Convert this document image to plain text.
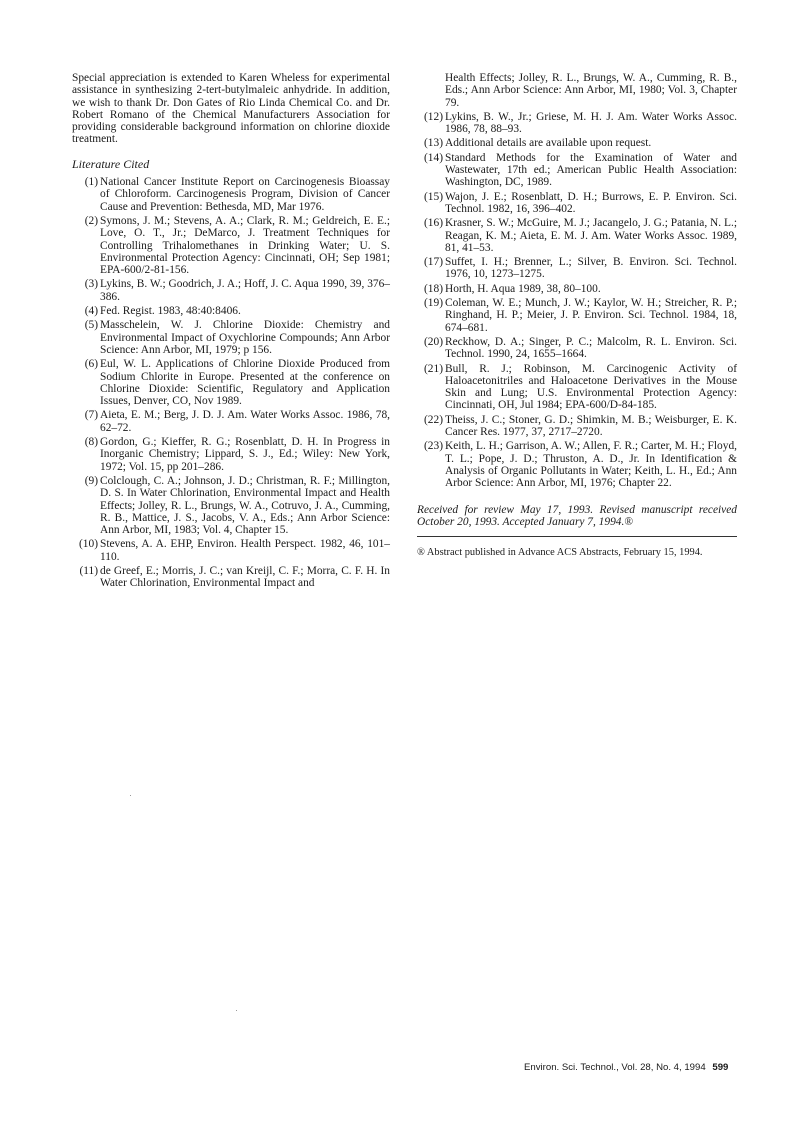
Special appreciation is extended to Karen Wheless for experimental assistance in synthesizing 2-tert-butylmaleic anhydride. In addition, we wish to thank Dr. Don Gates of Rio Linda Chemical Co. and Dr. Robert Romano of the Chemical Manufacturers Association for providing considerable background information on chlorine dioxide treatment.

Literature Cited
(1) National Cancer Institute Report on Carcinogenesis Bioassay of Chloroform. Carcinogenesis Program, Division of Cancer Cause and Prevention: Bethesda, MD, Mar 1976.
(2) Symons, J. M.; Stevens, A. A.; Clark, R. M.; Geldreich, E. E.; Love, O. T., Jr.; DeMarco, J. Treatment Techniques for Controlling Trihalomethanes in Drinking Water; U. S. Environmental Protection Agency: Cincinnati, OH; Sep 1981; EPA-600/2-81-156.
(3) Lykins, B. W.; Goodrich, J. A.; Hoff, J. C. Aqua 1990, 39, 376–386.
(4) Fed. Regist. 1983, 48:40:8406.
(5) Masschelein, W. J. Chlorine Dioxide: Chemistry and Environmental Impact of Oxychlorine Compounds; Ann Arbor Science: Ann Arbor, MI, 1979; p 156.
(6) Eul, W. L. Applications of Chlorine Dioxide Produced from Sodium Chlorite in Europe. Presented at the conference on Chlorine Dioxide: Scientific, Regulatory and Application Issues, Denver, CO, Nov 1989.
(7) Aieta, E. M.; Berg, J. D. J. Am. Water Works Assoc. 1986, 78, 62–72.
(8) Gordon, G.; Kieffer, R. G.; Rosenblatt, D. H. In Progress in Inorganic Chemistry; Lippard, S. J., Ed.; Wiley: New York, 1972; Vol. 15, pp 201–286.
(9) Colclough, C. A.; Johnson, J. D.; Christman, R. F.; Millington, D. S. In Water Chlorination, Environmental Impact and Health Effects; Jolley, R. L., Brungs, W. A., Cotruvo, J. A., Cumming, R. B., Mattice, J. S., Jacobs, V. A., Eds.; Ann Arbor Science: Ann Arbor, MI, 1983; Vol. 4, Chapter 15.
(10) Stevens, A. A. EHP, Environ. Health Perspect. 1982, 46, 101–110.
(11) de Greef, E.; Morris, J. C.; van Kreijl, C. F.; Morra, C. F. H. In Water Chlorination, Environmental Impact and
Health Effects; Jolley, R. L., Brungs, W. A., Cumming, R. B., Eds.; Ann Arbor Science: Ann Arbor, MI, 1980; Vol. 3, Chapter 79.
(12) Lykins, B. W., Jr.; Griese, M. H. J. Am. Water Works Assoc. 1986, 78, 88–93.
(13) Additional details are available upon request.
(14) Standard Methods for the Examination of Water and Wastewater, 17th ed.; American Public Health Association: Washington, DC, 1989.
(15) Wajon, J. E.; Rosenblatt, D. H.; Burrows, E. P. Environ. Sci. Technol. 1982, 16, 396–402.
(16) Krasner, S. W.; McGuire, M. J.; Jacangelo, J. G.; Patania, N. L.; Reagan, K. M.; Aieta, E. M. J. Am. Water Works Assoc. 1989, 81, 41–53.
(17) Suffet, I. H.; Brenner, L.; Silver, B. Environ. Sci. Technol. 1976, 10, 1273–1275.
(18) Horth, H. Aqua 1989, 38, 80–100.
(19) Coleman, W. E.; Munch, J. W.; Kaylor, W. H.; Streicher, R. P.; Ringhand, H. P.; Meier, J. P. Environ. Sci. Technol. 1984, 18, 674–681.
(20) Reckhow, D. A.; Singer, P. C.; Malcolm, R. L. Environ. Sci. Technol. 1990, 24, 1655–1664.
(21) Bull, R. J.; Robinson, M. Carcinogenic Activity of Haloacetonitriles and Haloacetone Derivatives in the Mouse Skin and Lung; U.S. Environmental Protection Agency: Cincinnati, OH, Jul 1984; EPA-600/D-84-185.
(22) Theiss, J. C.; Stoner, G. D.; Shimkin, M. B.; Weisburger, E. K. Cancer Res. 1977, 37, 2717–2720.
(23) Keith, L. H.; Garrison, A. W.; Allen, F. R.; Carter, M. H.; Floyd, T. L.; Pope, J. D.; Thruston, A. D., Jr. In Identification & Analysis of Organic Pollutants in Water; Keith, L. H., Ed.; Ann Arbor Science: Ann Arbor, MI, 1976; Chapter 22.

Received for review May 17, 1993. Revised manuscript received October 20, 1993. Accepted January 7, 1994.®

® Abstract published in Advance ACS Abstracts, February 15, 1994.

Environ. Sci. Technol., Vol. 28, No. 4, 1994 599
